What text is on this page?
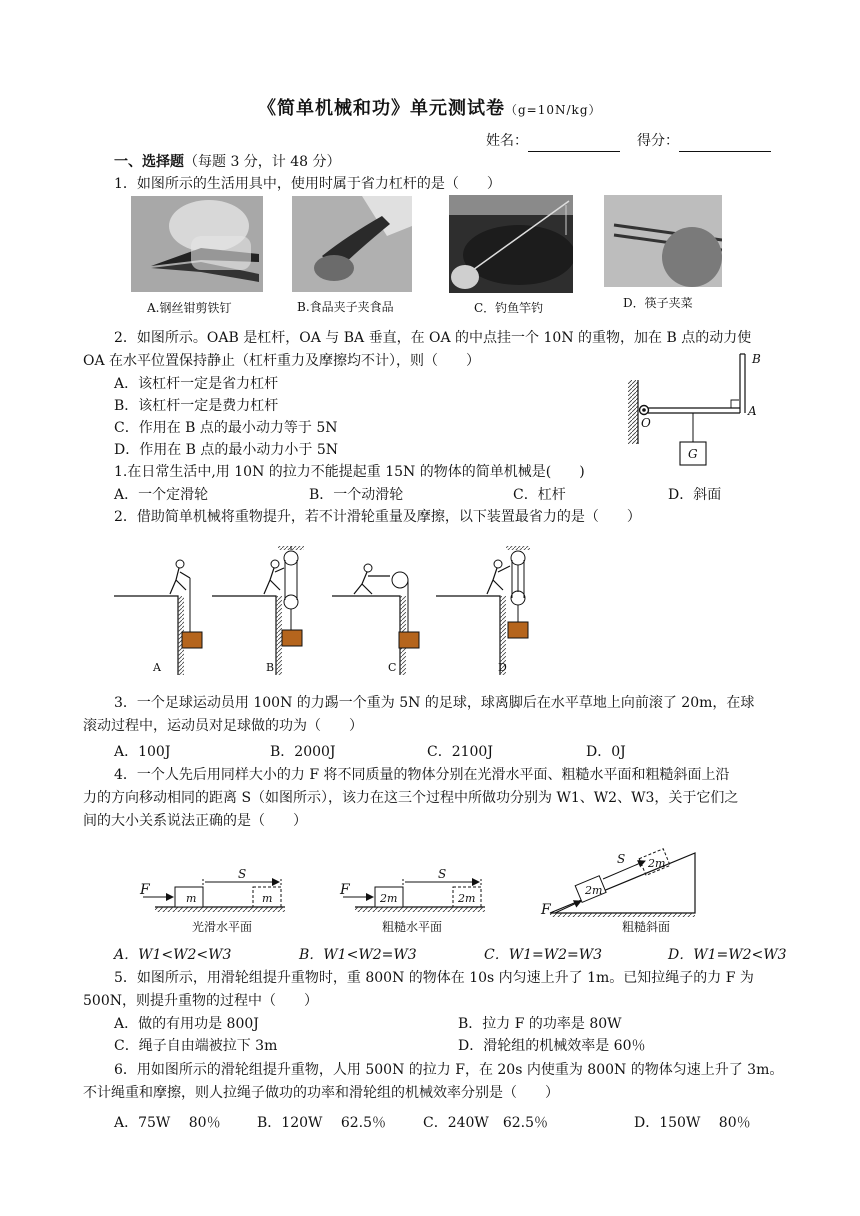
《简单机械和功》单元测试卷（g=10N/kg）
姓名：	得分：
一、选择题（每题 3 分，计 48 分）
1．如图所示的生活用具中，使用时属于省力杠杆的是（　　）
A.钢丝钳剪铁钉	B.食品夹子夹食品	C．钓鱼竿钓	D．筷子夹菜
2．如图所示。OAB 是杠杆，OA 与 BA 垂直，在 OA 的中点挂一个 10N 的重物，加在 B 点的动力使
OA 在水平位置保持静止（杠杆重力及摩擦均不计），则（　　）
A．该杠杆一定是省力杠杆
B．该杠杆一定是费力杠杆
C．作用在 B 点的最小动力等于 5N
D．作用在 B 点的最小动力小于 5N
B
A
O
G
1.在日常生活中,用 10N 的拉力不能提起重 15N 的物体的简单机械是(　　)
A．一个定滑轮	B．一个动滑轮	C．杠杆	D．斜面
2．借助简单机械将重物提升，若不计滑轮重量及摩擦，以下装置最省力的是（　　）
A	B	C	D
3．一个足球运动员用 100N 的力踢一个重为 5N 的足球，球离脚后在水平草地上向前滚了 20m，在球
滚动过程中，运动员对足球做的功为（　　）
A．100J	B．2000J	C．2100J	D．0J
4．一个人先后用同样大小的力 F 将不同质量的物体分别在光滑水平面、粗糙水平面和粗糙斜面上沿
力的方向移动相同的距离 S（如图所示），该力在这三个过程中所做功分别为 W1、W2、W3，关于它们之
间的大小关系说法正确的是（　　）
F
S
m	m
光滑水平面
F
S
2m	2m
粗糙水平面
F
S
2m
2m
粗糙斜面
A．W1<W2<W3	B．W1<W2=W3	C．W1=W2=W3	D．W1=W2<W3
5．如图所示，用滑轮组提升重物时，重 800N 的物体在 10s 内匀速上升了 1m。已知拉绳子的力 F 为
500N，则提升重物的过程中（　　）
A．做的有用功是 800J	B．拉力 F 的功率是 80W
C．绳子自由端被拉下 3m	D．滑轮组的机械效率是 60％
6．用如图所示的滑轮组提升重物，人用 500N 的拉力 F，在 20s 内使重为 800N 的物体匀速上升了 3m。
不计绳重和摩擦，则人拉绳子做功的功率和滑轮组的机械效率分别是（　　）
A．75W　 80％	B．120W　 62.5％	C．240W　62.5％	D．150W　 80％
